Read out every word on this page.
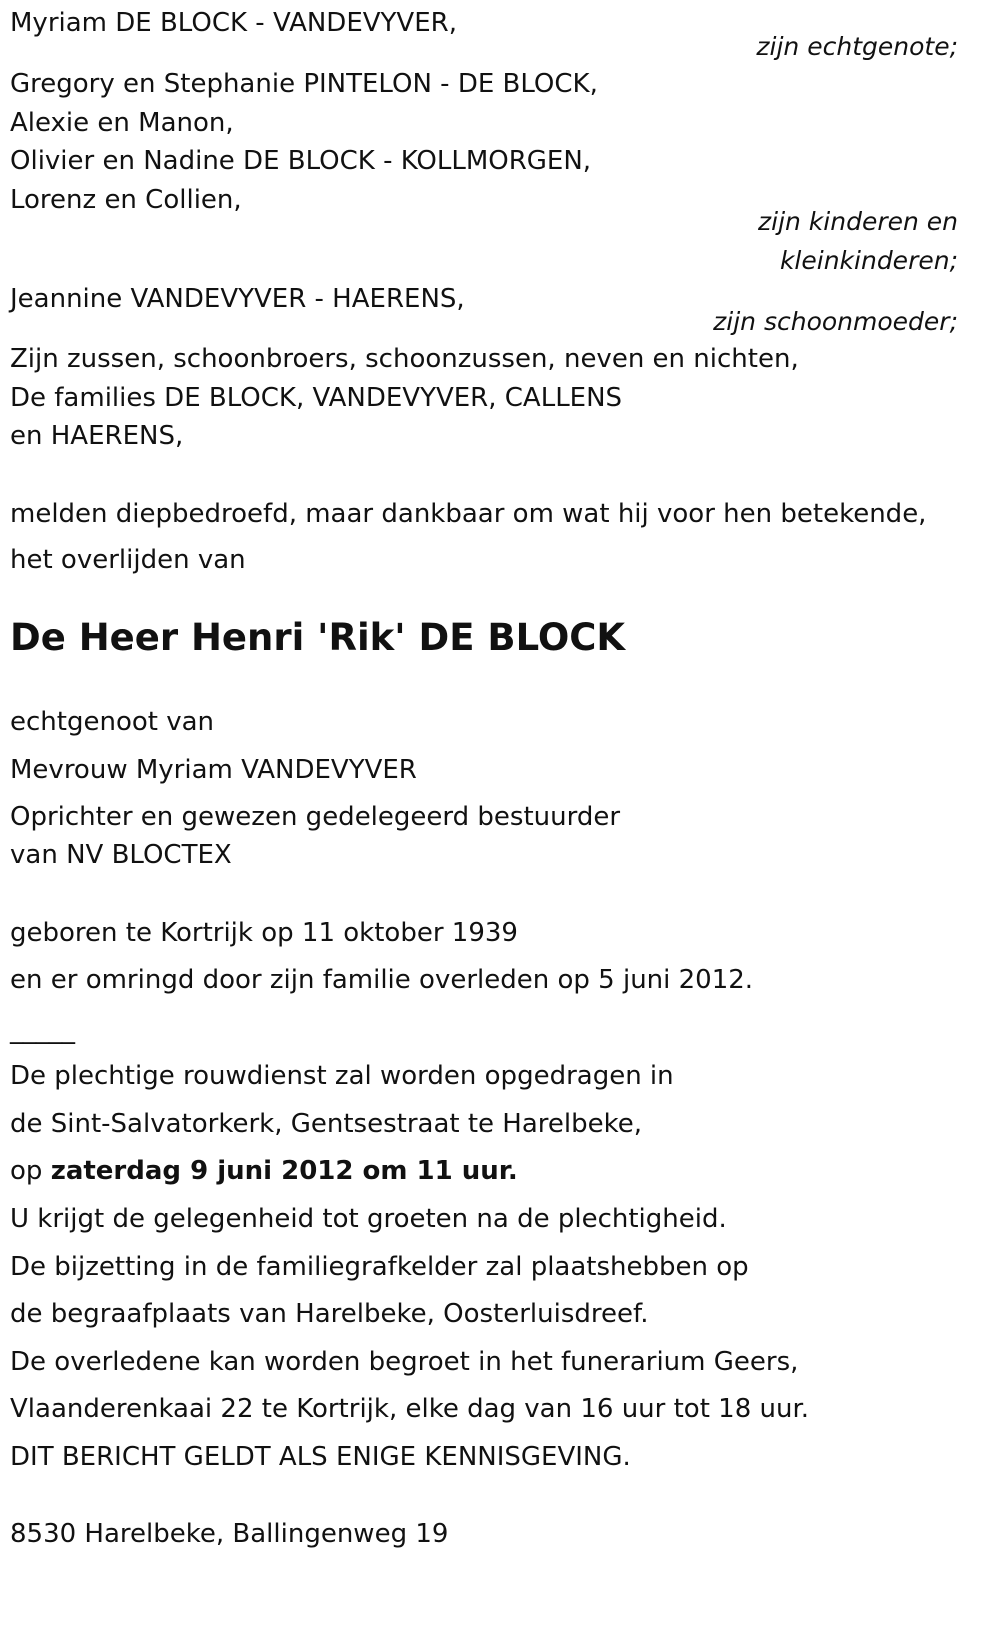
Myriam DE BLOCK - VANDEVYVER,

zijn echtgenote;

Gregory en Stephanie PINTELON - DE BLOCK,

Alexie en Manon,

Olivier en Nadine DE BLOCK - KOLLMORGEN,

Lorenz en Collien,

zijn kinderen en

kleinkinderen;

Jeannine VANDEVYVER - HAERENS,

zijn schoonmoeder;

Zijn zussen, schoonbroers, schoonzussen, neven en nichten,

De families DE BLOCK, VANDEVYVER, CALLENS

en HAERENS,

melden diepbedroefd, maar dankbaar om wat hij voor hen betekende,

het overlijden van

De Heer Henri 'Rik' DE BLOCK

echtgenoot van

Mevrouw Myriam VANDEVYVER

Oprichter en gewezen gedelegeerd bestuurder

van NV BLOCTEX

geboren te Kortrijk op 11 oktober 1939

en er omringd door zijn familie overleden op 5 juni 2012.

_____

De plechtige rouwdienst zal worden opgedragen in

de Sint-Salvatorkerk, Gentsestraat te Harelbeke,

op zaterdag 9 juni 2012 om 11 uur.

U krijgt de gelegenheid tot groeten na de plechtigheid.

De bijzetting in de familiegrafkelder zal plaatshebben op

de begraafplaats van Harelbeke, Oosterluisdreef.

De overledene kan worden begroet in het funerarium Geers,

Vlaanderenkaai 22 te Kortrijk, elke dag van 16 uur tot 18 uur.

DIT BERICHT GELDT ALS ENIGE KENNISGEVING.

8530 Harelbeke, Ballingenweg 19
